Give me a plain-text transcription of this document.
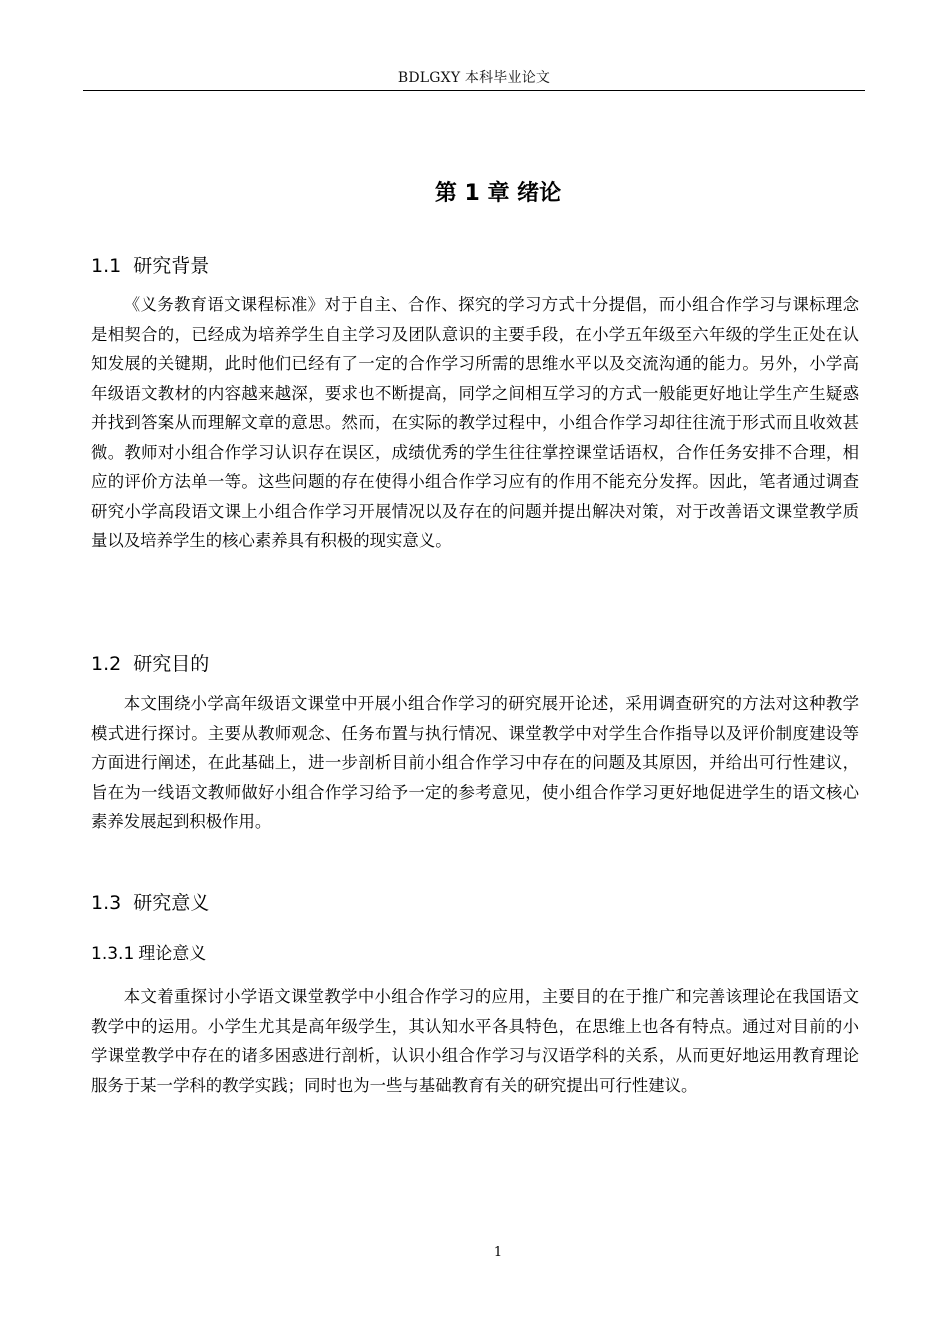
BDLGXY 本科毕业论文
第 1 章 绪论
1.1 研究背景

《义务教育语文课程标准》对于自主、合作、探究的学习方式十分提倡，而小组合作学习与课标理念是相契合的，已经成为培养学生自主学习及团队意识的主要手段，在小学五年级至六年级的学生正处在认知发展的关键期，此时他们已经有了一定的合作学习所需的思维水平以及交流沟通的能力。另外，小学高年级语文教材的内容越来越深，要求也不断提高，同学之间相互学习的方式一般能更好地让学生产生疑惑并找到答案从而理解文章的意思。然而，在实际的教学过程中，小组合作学习却往往流于形式而且收效甚微。教师对小组合作学习认识存在误区，成绩优秀的学生往往掌控课堂话语权，合作任务安排不合理，相应的评价方法单一等。这些问题的存在使得小组合作学习应有的作用不能充分发挥。因此，笔者通过调查研究小学高段语文课上小组合作学习开展情况以及存在的问题并提出解决对策，对于改善语文课堂教学质量以及培养学生的核心素养具有积极的现实意义。

1.2 研究目的

本文围绕小学高年级语文课堂中开展小组合作学习的研究展开论述，采用调查研究的方法对这种教学模式进行探讨。主要从教师观念、任务布置与执行情况、课堂教学中对学生合作指导以及评价制度建设等方面进行阐述，在此基础上，进一步剖析目前小组合作学习中存在的问题及其原因，并给出可行性建议，旨在为一线语文教师做好小组合作学习给予一定的参考意见，使小组合作学习更好地促进学生的语文核心素养发展起到积极作用。

1.3 研究意义
1.3.1 理论意义

本文着重探讨小学语文课堂教学中小组合作学习的应用，主要目的在于推广和完善该理论在我国语文教学中的运用。小学生尤其是高年级学生，其认知水平各具特色，在思维上也各有特点。通过对目前的小学课堂教学中存在的诸多困惑进行剖析，认识小组合作学习与汉语学科的关系，从而更好地运用教育理论服务于某一学科的教学实践；同时也为一些与基础教育有关的研究提出可行性建议。

1
